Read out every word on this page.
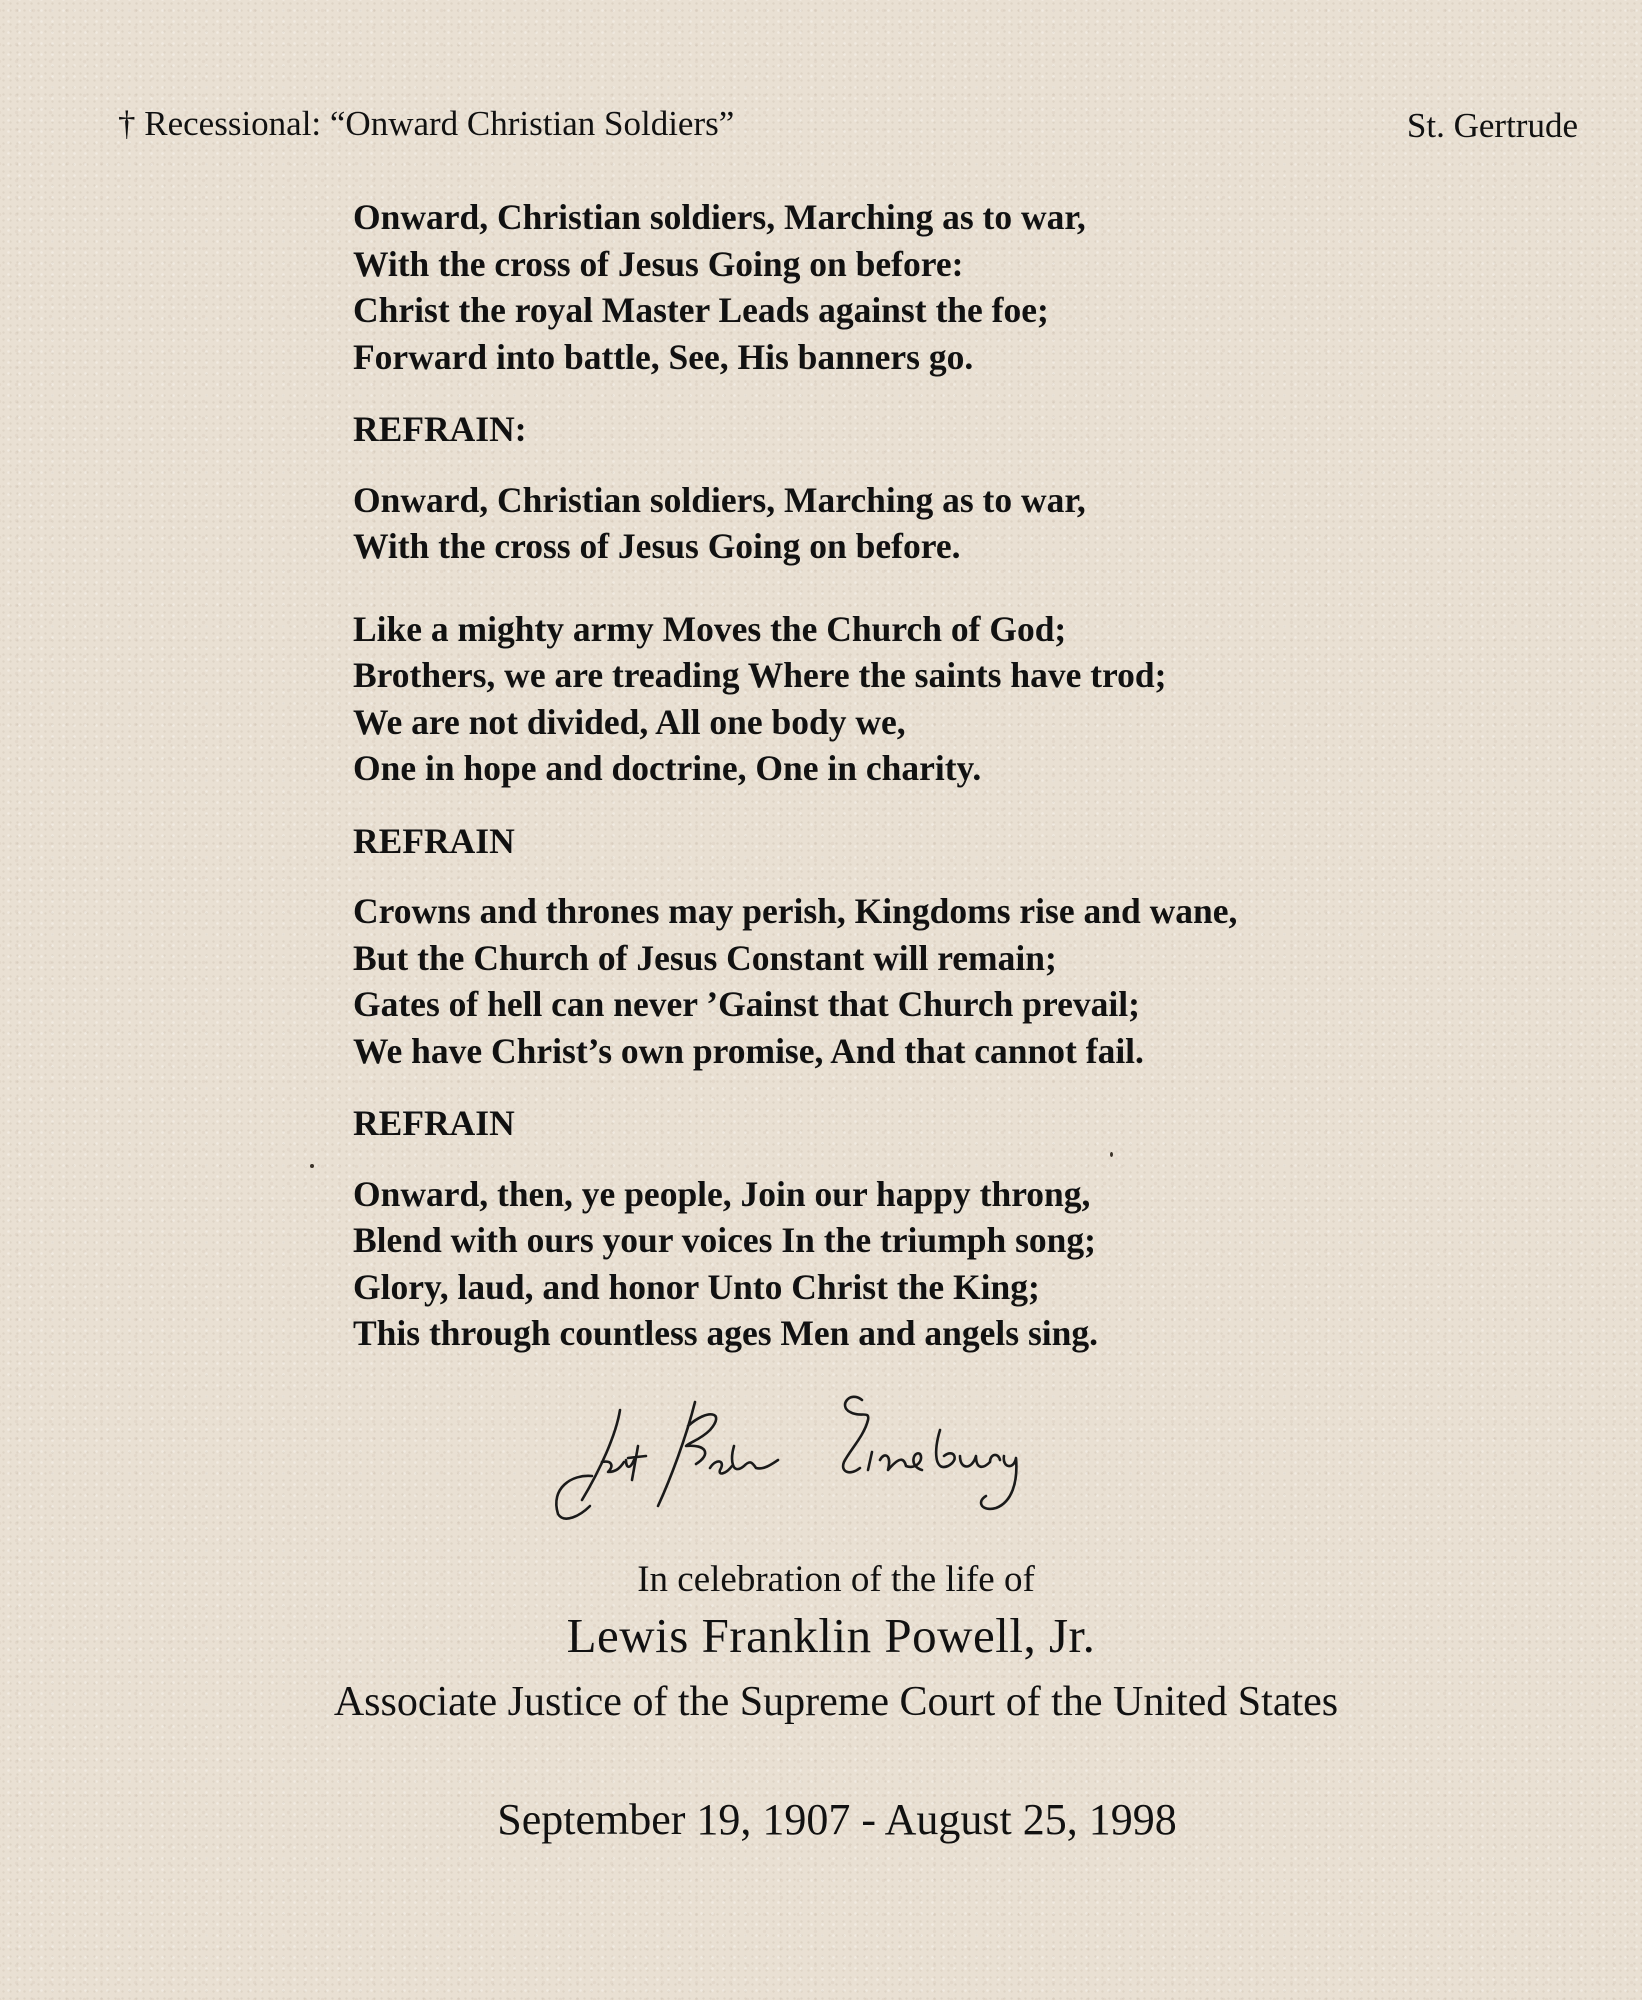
† Recessional: “Onward Christian Soldiers”	St. Gertrude
Onward, Christian soldiers, Marching as to war,
With the cross of Jesus Going on before:
Christ the royal Master Leads against the foe;
Forward into battle, See, His banners go.
REFRAIN:
Onward, Christian soldiers, Marching as to war,
With the cross of Jesus Going on before.
Like a mighty army Moves the Church of God;
Brothers, we are treading Where the saints have trod;
We are not divided, All one body we,
One in hope and doctrine, One in charity.
REFRAIN
Crowns and thrones may perish, Kingdoms rise and wane,
But the Church of Jesus Constant will remain;
Gates of hell can never ’Gainst that Church prevail;
We have Christ’s own promise, And that cannot fail.
REFRAIN
Onward, then, ye people, Join our happy throng,
Blend with ours your voices In the triumph song;
Glory, laud, and honor Unto Christ the King;
This through countless ages Men and angels sing.
In celebration of the life of
Lewis Franklin Powell, Jr.
Associate Justice of the Supreme Court of the United States
September 19, 1907 - August 25, 1998
